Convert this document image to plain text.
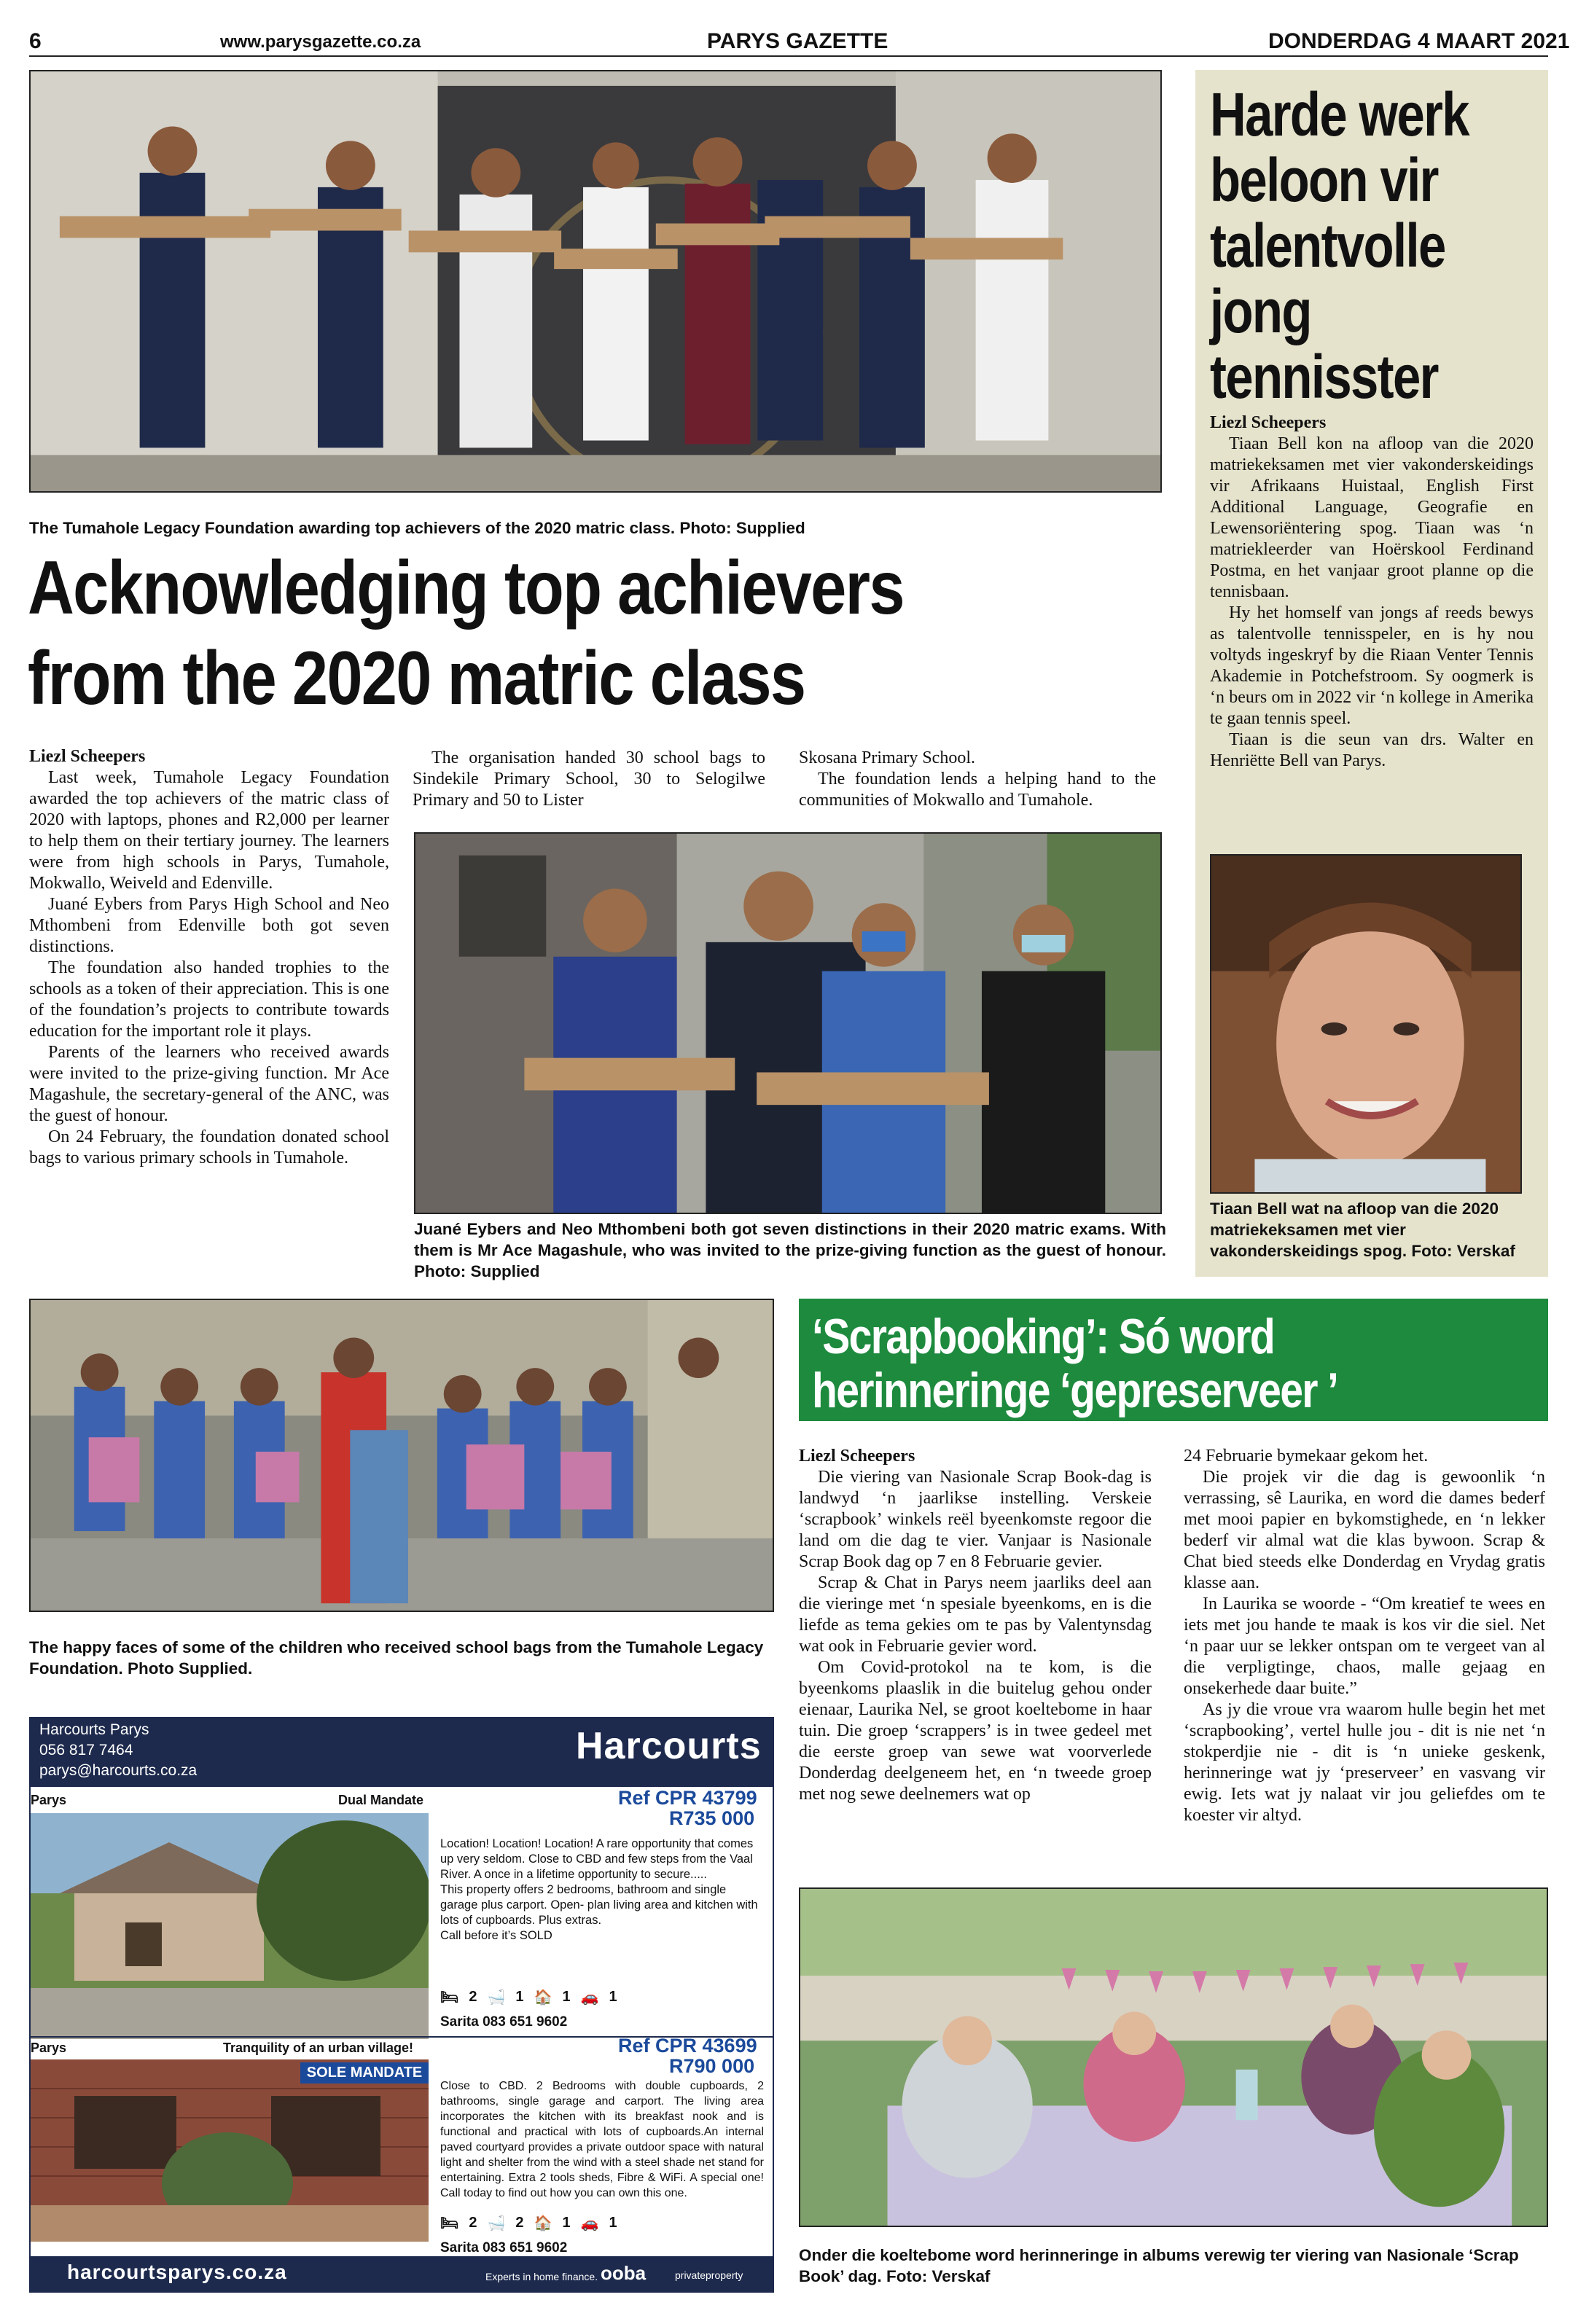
6	www.parysgazette.co.za	PARYS GAZETTE	DONDERDAG 4 MAART 2021
The Tumahole Legacy Foundation awarding top achievers of the 2020 matric class. Photo: Supplied
Acknowledging top achievers
from the 2020 matric class

Liezl Scheepers

Last week, Tumahole Legacy Foundation awarded the top achievers of the matric class of 2020 with laptops, phones and R2,000 per learner to help them on their tertiary journey. The learners were from high schools in Parys, Tumahole, Mokwallo, Weiveld and Edenville.

Juané Eybers from Parys High School and Neo Mthombeni from Edenville both got seven distinctions.

The foundation also handed trophies to the schools as a token of their appreciation. This is one of the foundation’s projects to contribute towards education for the important role it plays.

Parents of the learners who received awards were invited to the prize-giving function. Mr Ace Magashule, the secretary-general of the ANC, was the guest of honour.

On 24 February, the foundation donated school bags to various primary schools in Tumahole.

The organisation handed 30 school bags to Sindekile Primary School, 30 to Selogilwe Primary and 50 to Lister

Skosana Primary School.

The foundation lends a helping hand to the communities of Mokwallo and Tumahole.

Juané Eybers and Neo Mthombeni both got seven distinctions in their 2020 matric exams. With them is Mr Ace Magashule, who was invited to the prize-giving function as the guest of honour. Photo: Supplied
Harde werk
beloon vir
talentvolle
jong
tennisster

Liezl Scheepers

Tiaan Bell kon na afloop van die 2020 matriekeksamen met vier vakonderskeidings vir Afrikaans Huistaal, English First Additional Language, Geografie en Lewensoriëntering spog. Tiaan was ‘n matriekleerder van Hoërskool Ferdinand Postma, en het vanjaar groot planne op die tennisbaan.

Hy het homself van jongs af reeds bewys as talentvolle tennisspeler, en is hy nou voltyds ingeskryf by die Riaan Venter Tennis Akademie in Potchefstroom. Sy oogmerk is ‘n beurs om in 2022 vir ‘n kollege in Amerika te gaan tennis speel.

Tiaan is die seun van drs. Walter en Henriëtte Bell van Parys.

Tiaan Bell wat na afloop van die 2020 matriekeksamen met vier vakonderskeidings spog. Foto: Verskaf
The happy faces of some of the children who received school bags from the Tumahole Legacy Foundation. Photo Supplied.
Harcourts Parys
056 817 7464
parys@harcourts.co.za
Harcourts
Parys	Dual Mandate	Ref CPR 43799
R735 000
Location! Location! Location! A rare opportunity that comes up very seldom. Close to CBD and few steps from the Vaal River. A once in a lifetime opportunity to secure.....
This property offers 2 bedrooms, bathroom and single garage plus carport. Open- plan living area and kitchen with lots of cupboards. Plus extras.
Call before it’s SOLD
🛏 2 🛁 1 🏠 1 🚗 1
Sarita 083 651 9602
Parys	Tranquility of an urban village!	Ref CPR 43699
R790 000
SOLE MANDATE
Close to CBD. 2 Bedrooms with double cupboards, 2 bathrooms, single garage and carport. The living area incorporates the kitchen with its breakfast nook and is functional and practical with lots of cupboards.An internal paved courtyard provides a private outdoor space with natural light and shelter from the wind with a steel shade net stand for entertaining. Extra 2 tools sheds, Fibre & WiFi. A special one! Call today to find out how you can own this one.
🛏 2 🛁 2 🏠 1 🚗 1
Sarita 083 651 9602
harcourtsparys.co.za	Experts in home finance. ooba	privateproperty
‘Scrapbooking’: Só word
herinneringe ‘gepreserveer ’

Liezl Scheepers

Die viering van Nasionale Scrap Book-dag is landwyd ‘n jaarlikse instelling. Verskeie ‘scrapbook’ winkels reël byeenkomste regoor die land om die dag te vier. Vanjaar is Nasionale Scrap Book dag op 7 en 8 Februarie gevier.

Scrap & Chat in Parys neem jaarliks deel aan die vieringe met ‘n spesiale byeenkoms, en is die liefde as tema gekies om te pas by Valentynsdag wat ook in Februarie gevier word.

Om Covid-protokol na te kom, is die byeenkoms plaaslik in die buitelug gehou onder eienaar, Laurika Nel, se groot koeltebome in haar tuin. Die groep ‘scrappers’ is in twee gedeel met die eerste groep van sewe wat voorverlede Donderdag deelgeneem het, en ‘n tweede groep met nog sewe deelnemers wat op

24 Februarie bymekaar gekom het.

Die projek vir die dag is gewoonlik ‘n verrassing, sê Laurika, en word die dames bederf met mooi papier en bykomstighede, en ‘n lekker bederf vir almal wat die klas bywoon. Scrap & Chat bied steeds elke Donderdag en Vrydag gratis klasse aan.

In Laurika se woorde - “Om kreatief te wees en iets met jou hande te maak is kos vir die siel. Net ‘n paar uur se lekker ontspan om te vergeet van al die verpligtinge, chaos, malle gejaag en onsekerhede daar buite.”

As jy die vroue vra waarom hulle begin het met ‘scrapbooking’, vertel hulle jou - dit is nie net ‘n stokperdjie nie - dit is ‘n unieke geskenk, herinneringe wat jy ‘preserveer’ en vasvang vir ewig. Iets wat jy nalaat vir jou geliefdes om te koester vir altyd.

Onder die koeltebome word herinneringe in albums verewig ter viering van Nasionale ‘Scrap Book’ dag. Foto: Verskaf
